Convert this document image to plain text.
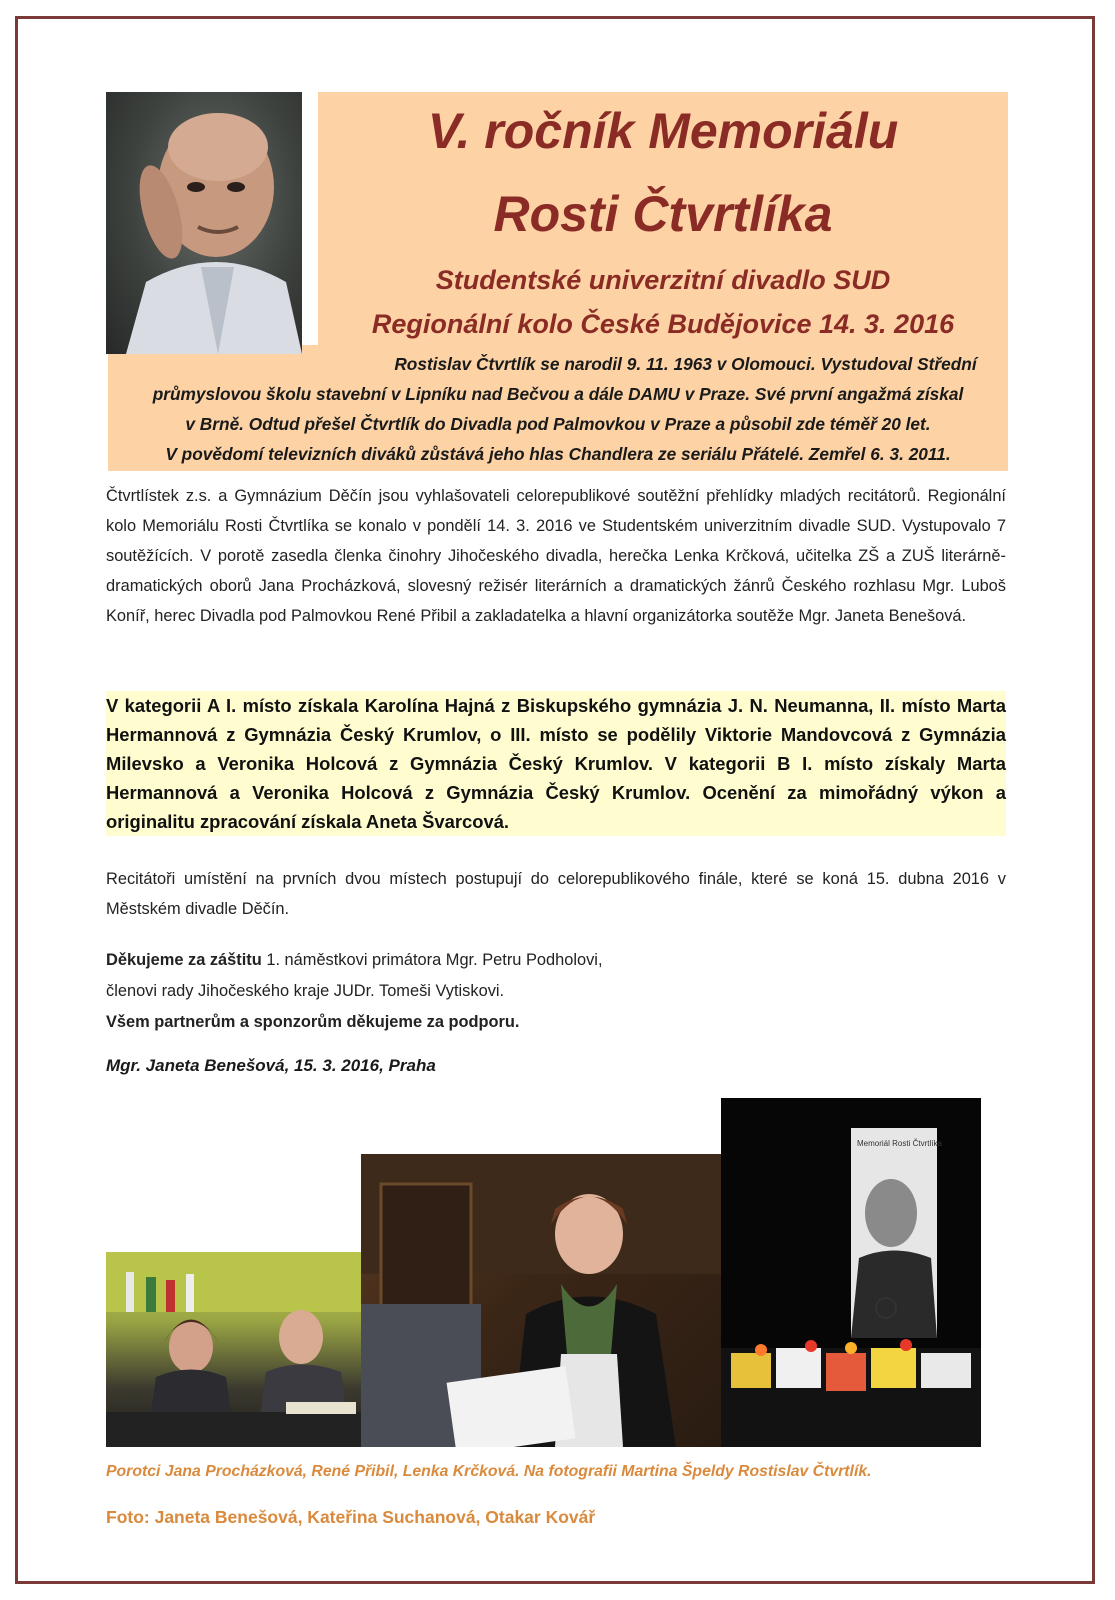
V. ročník Memoriálu
Rosti Čtvrtlíka
Studentské univerzitní divadlo SUD
Regionální kolo České Budějovice 14. 3. 2016

Rostislav Čtvrtlík se narodil 9. 11. 1963 v Olomouci. Vystudoval Střední
průmyslovou školu stavební v Lipníku nad Bečvou a dále DAMU v Praze. Své první angažmá získal
v Brně. Odtud přešel Čtvrtlík do Divadla pod Palmovkou v Praze a působil zde téměř 20 let.
V povědomí televizních diváků zůstává jeho hlas Chandlera ze seriálu Přátelé. Zemřel 6. 3. 2011.

Čtvrtlístek z.s. a Gymnázium Děčín jsou vyhlašovateli celorepublikové soutěžní přehlídky mladých recitátorů. Regionální kolo Memoriálu Rosti Čtvrtlíka se konalo v pondělí 14. 3. 2016 ve Studentském univerzitním divadle SUD. Vystupovalo 7 soutěžících. V porotě zasedla členka činohry Jihočeského divadla, herečka Lenka Krčková, učitelka ZŠ a ZUŠ literárně-dramatických oborů Jana Procházková, slovesný režisér literárních a dramatických žánrů Českého rozhlasu Mgr. Luboš Koníř, herec Divadla pod Palmovkou René Přibil a zakladatelka a hlavní organizátorka soutěže Mgr. Janeta Benešová.

V kategorii A I. místo získala Karolína Hajná z Biskupského gymnázia J. N. Neumanna, II. místo Marta Hermannová z Gymnázia Český Krumlov, o III. místo se podělily Viktorie Mandovcová z Gymnázia Milevsko a Veronika Holcová z Gymnázia Český Krumlov. V kategorii B I. místo získaly Marta Hermannová a Veronika Holcová z Gymnázia Český Krumlov. Ocenění za mimořádný výkon a originalitu zpracování získala Aneta Švarcová.

Recitátoři umístění na prvních dvou místech postupují do celorepublikového finále, které se koná 15. dubna 2016 v Městském divadle Děčín.

Děkujeme za záštitu 1. náměstkovi primátora Mgr. Petru Podholovi,
členovi rady Jihočeského kraje JUDr. Tomeši Vytiskovi.
Všem partnerům a sponzorům děkujeme za podporu.

Mgr. Janeta Benešová, 15. 3. 2016, Praha

Memoriál Rosti Čtvrtlíka

Porotci Jana Procházková, René Přibil, Lenka Krčková. Na fotografii Martina Špeldy Rostislav Čtvrtlík.

Foto: Janeta Benešová, Kateřina Suchanová, Otakar Kovář
